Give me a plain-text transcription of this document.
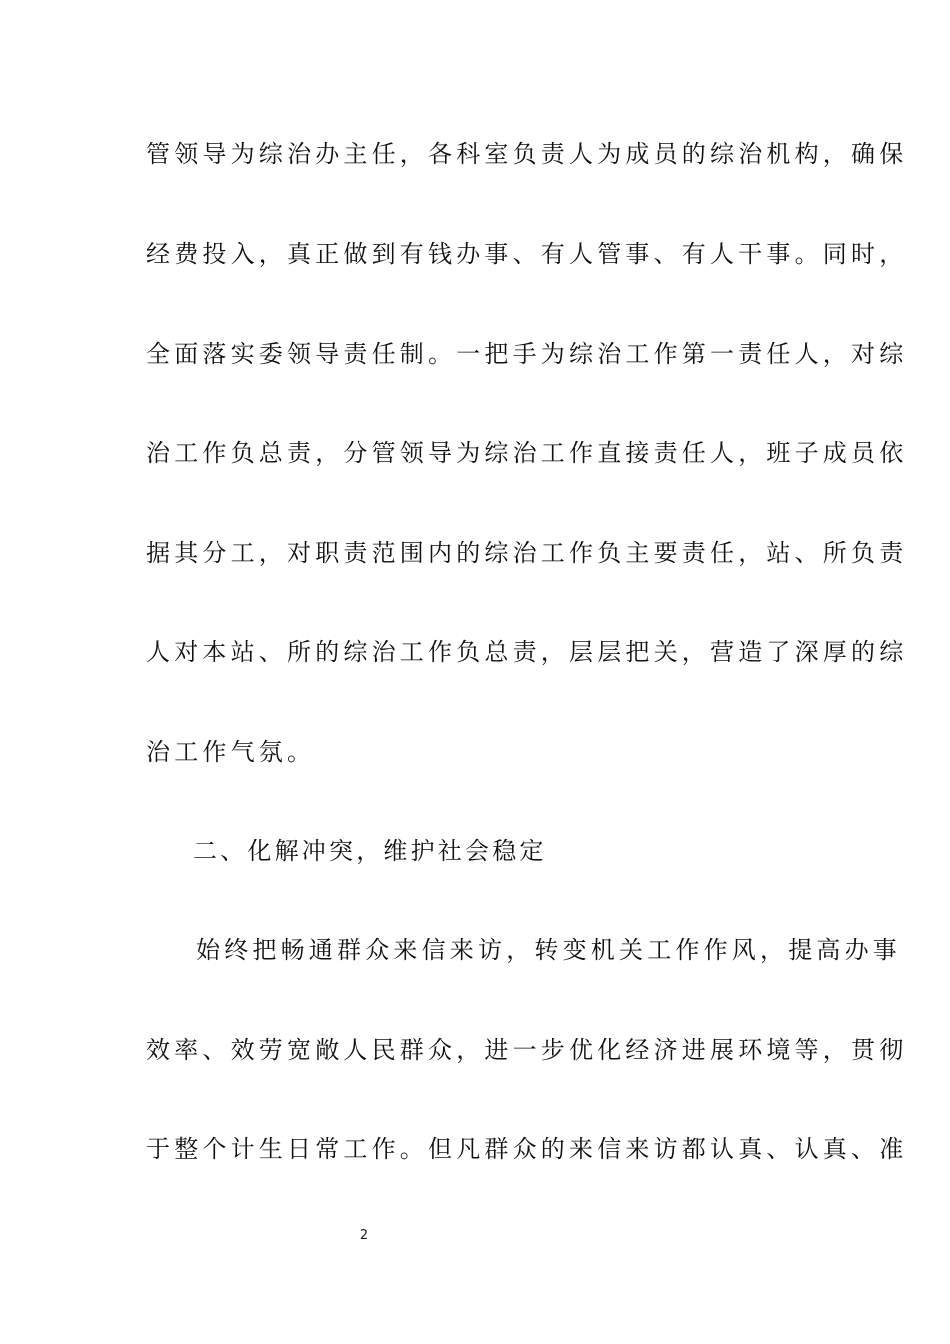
管领导为综治办主任，各科室负责人为成员的综治机构，确保
经费投入，真正做到有钱办事、有人管事、有人干事。同时，
全面落实委领导责任制。一把手为综治工作第一责任人，对综
治工作负总责，分管领导为综治工作直接责任人，班子成员依
据其分工，对职责范围内的综治工作负主要责任，站、所负责
人对本站、所的综治工作负总责，层层把关，营造了深厚的综
治工作气氛。
二、化解冲突，维护社会稳定
始终把畅通群众来信来访，转变机关工作作风，提高办事
效率、效劳宽敞人民群众，进一步优化经济进展环境等，贯彻
于整个计生日常工作。但凡群众的来信来访都认真、认真、准
2
